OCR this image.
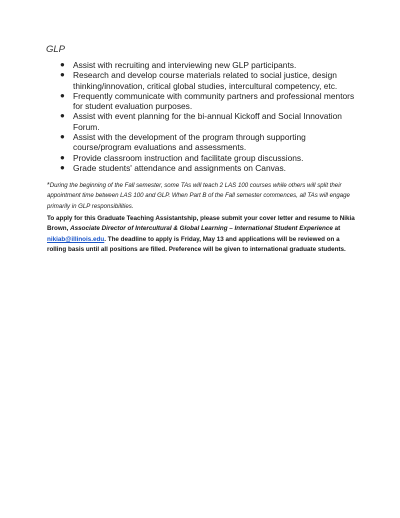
GLP
● Assist with recruiting and interviewing new GLP participants.
● Research and develop course materials related to social justice, design thinking/innovation, critical global studies, intercultural competency, etc.
● Frequently communicate with community partners and professional mentors for student evaluation purposes.
● Assist with event planning for the bi-annual Kickoff and Social Innovation Forum.
● Assist with the development of the program through supporting course/program evaluations and assessments.
● Provide classroom instruction and facilitate group discussions.
● Grade students' attendance and assignments on Canvas.
*During the beginning of the Fall semester, some TAs will teach 2 LAS 100 courses while others will split their appointment time between LAS 100 and GLP. When Part B of the Fall semester commences, all TAs will engage primarily in GLP responsibilities.
To apply for this Graduate Teaching Assistantship, please submit your cover letter and resume to Nikia Brown, Associate Director of Intercultural & Global Learning – International Student Experience at nikiab@illinois.edu. The deadline to apply is Friday, May 13 and applications will be reviewed on a rolling basis until all positions are filled. Preference will be given to international graduate students.
